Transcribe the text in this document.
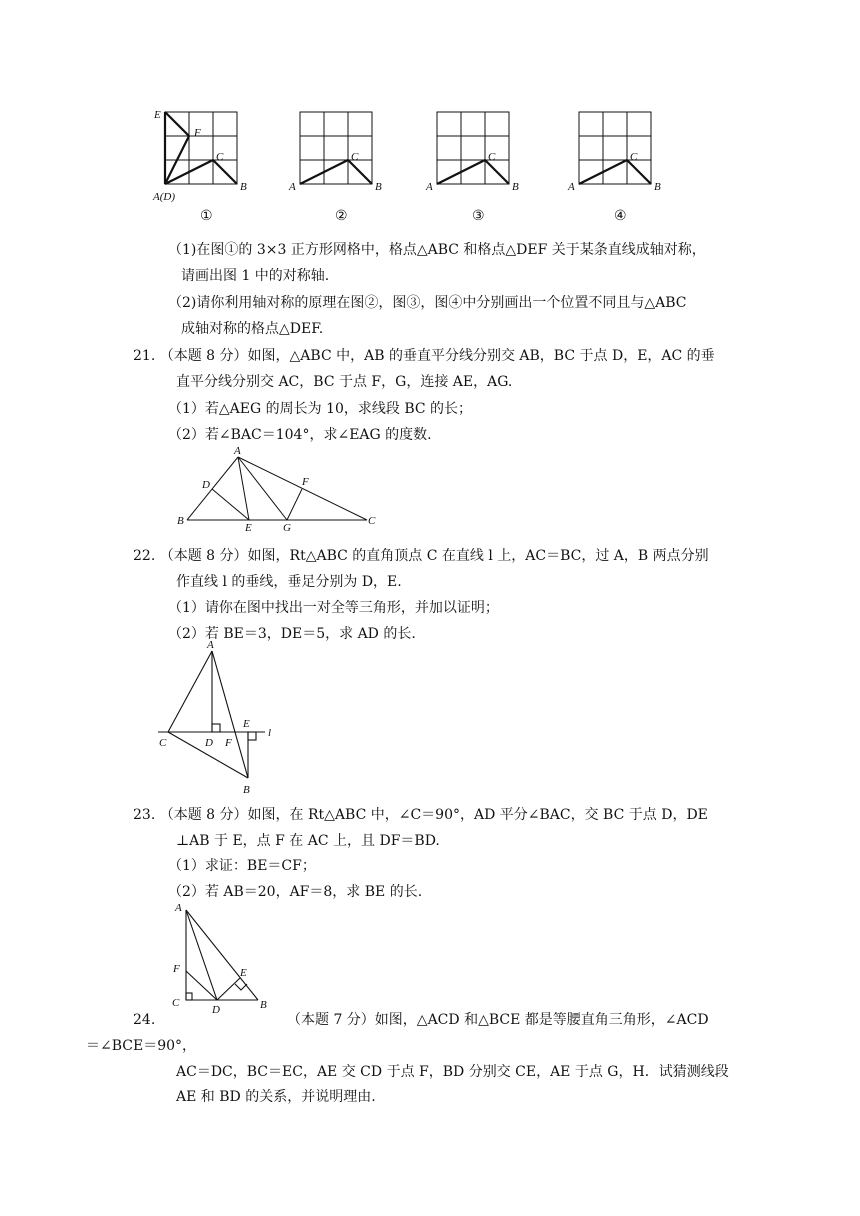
E
F
C
A(D)
B
①
C
A	B
②
C
A	B
③
C
A	B
④
（1)在图①的 3×3 正方形网格中，格点△ABC 和格点△DEF 关于某条直线成轴对称，
请画出图 1 中的对称轴.
（2)请你利用轴对称的原理在图②，图③，图④中分别画出一个位置不同且与△ABC
成轴对称的格点△DEF.
21. （本题 8 分）如图，△ABC 中，AB 的垂直平分线分别交 AB，BC 于点 D，E，AC 的垂
直平分线分别交 AC，BC 于点 F，G，连接 AE，AG.
（1）若△AEG 的周长为 10，求线段 BC 的长；
（2）若∠BAC＝104°，求∠EAG 的度数.
A
D	F
B
E	G
C
22. （本题 8 分）如图，Rt△ABC 的直角顶点 C 在直线 l 上，AC＝BC，过 A，B 两点分别
作直线 l 的垂线，垂足分别为 D，E.
（1）请你在图中找出一对全等三角形，并加以证明；
（2）若 BE＝3，DE＝5，求 AD 的长.
A
C	D F
E
l
B
23. （本题 8 分）如图，在 Rt△ABC 中，∠C＝90°，AD 平分∠BAC，交 BC 于点 D，DE
⊥AB 于 E，点 F 在 AC 上，且 DF＝BD.
（1）求证：BE＝CF；
（2）若 AB＝20，AF＝8，求 BE 的长.
A
F	E
C
D	B
24.	（本题 7 分）如图，△ACD 和△BCE 都是等腰直角三角形，∠ACD
＝∠BCE＝90°，
AC＝DC，BC＝EC，AE 交 CD 于点 F，BD 分别交 CE，AE 于点 G，H．试猜测线段
AE 和 BD 的关系，并说明理由.
